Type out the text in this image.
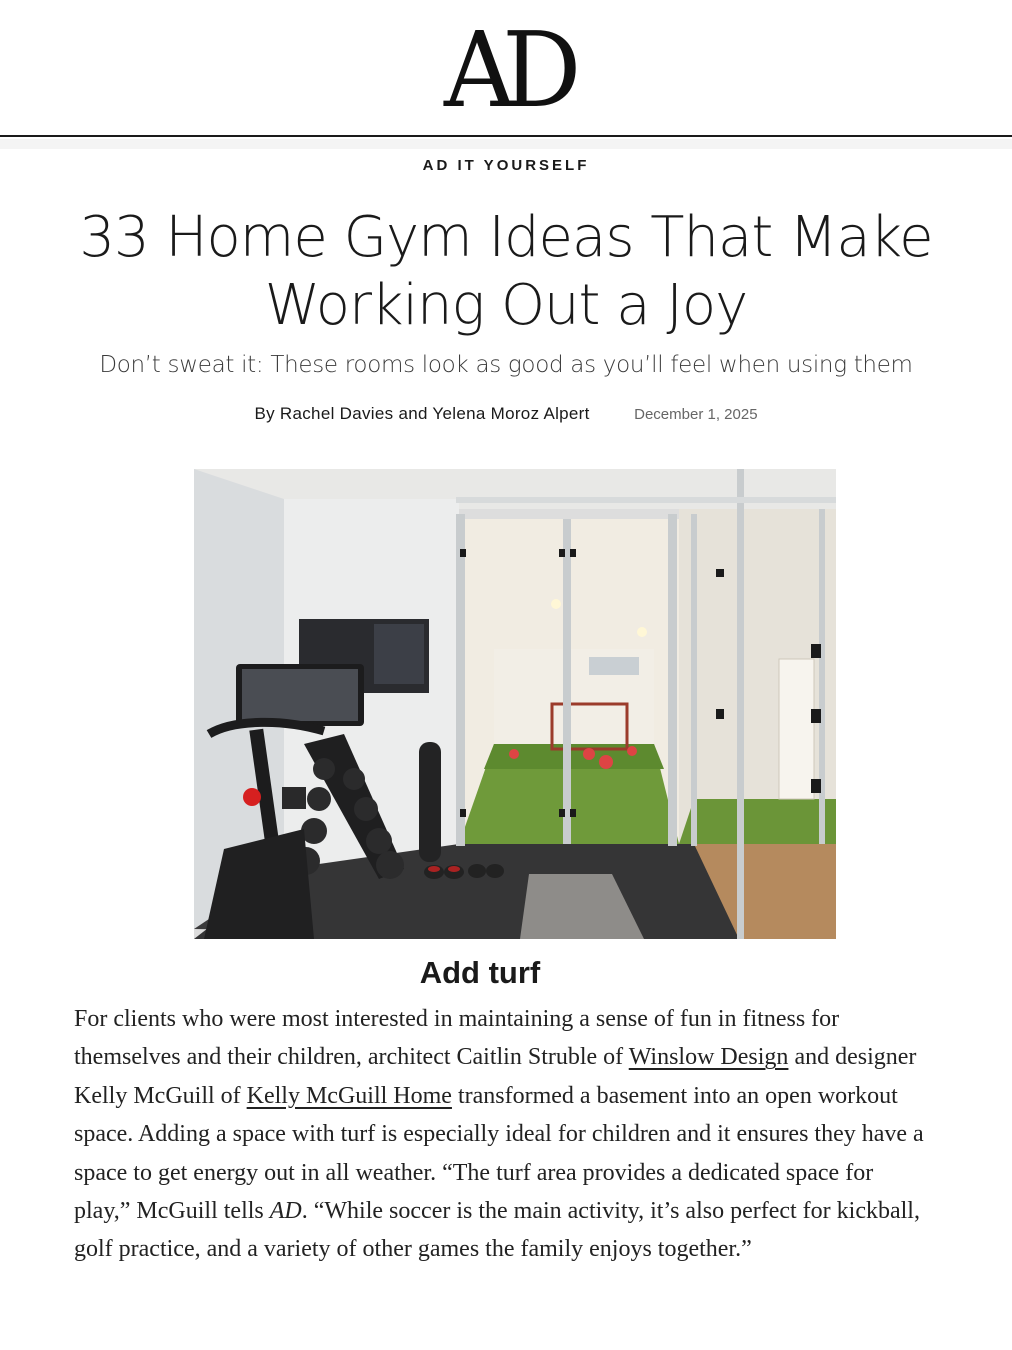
AD
AD IT YOURSELF
33 Home Gym Ideas That Make
Working Out a Joy
Don’t sweat it: These rooms look as good as you’ll feel when using them
By Rachel Davies and Yelena Moroz Alpert	December 1, 2025
Add turf

For clients who were most interested in maintaining a sense of fun in fitness for themselves and their children, architect Caitlin Struble of Winslow Design and designer Kelly McGuill of Kelly McGuill Home transformed a basement into an open workout space. Adding a space with turf is especially ideal for children and it ensures they have a space to get energy out in all weather. “The turf area provides a dedicated space for play,” McGuill tells AD. “While soccer is the main activity, it’s also perfect for kickball, golf practice, and a variety of other games the family enjoys together.”
